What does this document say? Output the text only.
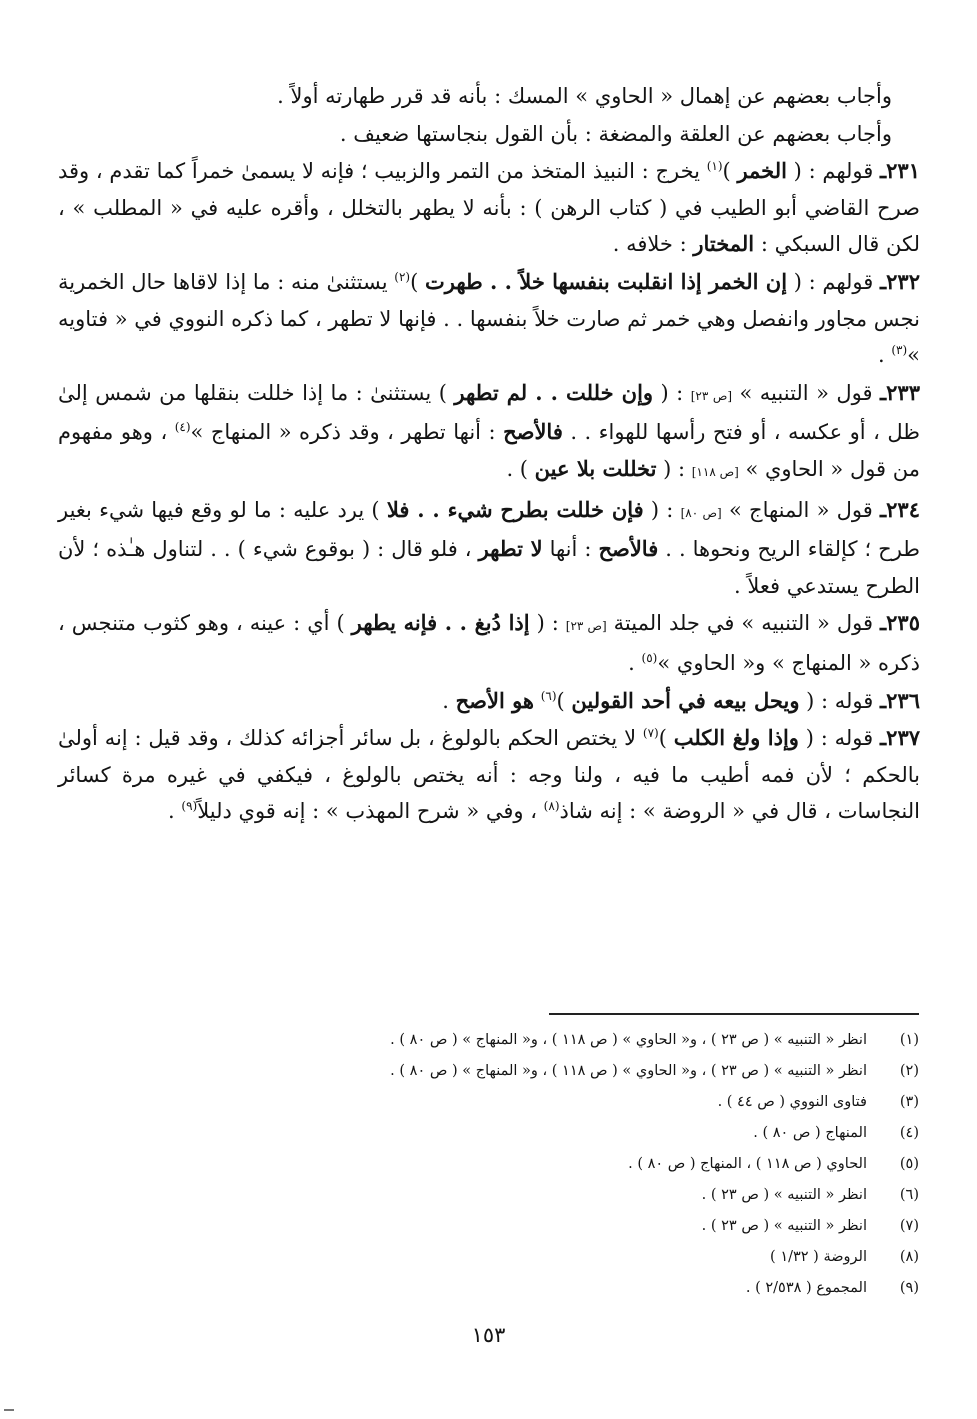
وأجاب بعضهم عن إهمال « الحاوي » المسك : بأنه قد قرر طهارته أولاً .

وأجاب بعضهم عن العلقة والمضغة : بأن القول بنجاستها ضعيف .

٢٣١ـ قولهم : ( الخمر )$^{(١)}$ يخرج : النبيذ المتخذ من التمر والزبيب ؛ فإنه لا يسمىٰ خمراً كما تقدم ، وقد صرح القاضي أبو الطيب في ( كتاب الرهن ) : بأنه لا يطهر بالتخلل ، وأقره عليه في « المطلب » ، لكن قال السبكي : المختار : خلافه .

٢٣٢ـ قولهم : ( إن الخمر إذا انقلبت بنفسها خلاً . . طهرت )$^{(٢)}$ يستثنىٰ منه : ما إذا لاقاها حال الخمرية نجس مجاور وانفصل وهي خمر ثم صارت خلاً بنفسها . . فإنها لا تطهر ، كما ذكره النووي في « فتاويه »$^{(٣)}$ .

٢٣٣ـ قول « التنبيه » [ص ٢٣] : ( وإن خللت . . لم تطهر ) يستثنىٰ : ما إذا خللت بنقلها من شمس إلىٰ ظل ، أو عكسه ، أو فتح رأسها للهواء . . فالأصح : أنها تطهر ، وقد ذكره « المنهاج »$^{(٤)}$ ، وهو مفهوم من قول « الحاوي » [ص ١١٨] : ( تخللت بلا عين ) .

٢٣٤ـ قول « المنهاج » [ص ٨٠] : ( فإن خللت بطرح شيء . . فلا ) يرد عليه : ما لو وقع فيها شيء بغير طرح ؛ كإلقاء الريح ونحوها . . فالأصح : أنها لا تطهر ، فلو قال : ( بوقوع شيء ) . . لتناول هـٰذه ؛ لأن الطرح يستدعي فعلاً .

٢٣٥ـ قول « التنبيه » في جلد الميتة [ص ٢٣] : ( إذا دُبغ . . فإنه يطهر ) أي : عينه ، وهو كثوب متنجس ، ذكره « المنهاج » و« الحاوي »$^{(٥)}$ .

٢٣٦ـ قوله : ( ويحل بيعه في أحد القولين )$^{(٦)}$ هو الأصح .

٢٣٧ـ قوله : ( وإذا ولغ الكلب )$^{(٧)}$ لا يختص الحكم بالولوغ ، بل سائر أجزائه كذلك ، وقد قيل : إنه أولىٰ بالحكم ؛ لأن فمه أطيب ما فيه ، ولنا وجه : أنه يختص بالولوغ ، فيكفي في غيره مرة كسائر النجاسات ، قال في « الروضة » : إنه شاذ$^{(٨)}$ ، وفي « شرح المهذب » : إنه قوي دليلاً$^{(٩)}$ .

(١)
انظر « التنبيه » ( ص ٢٣ ) ، و« الحاوي » ( ص ١١٨ ) ، و« المنهاج » ( ص ٨٠ ) .
(٢)
انظر « التنبيه » ( ص ٢٣ ) ، و« الحاوي » ( ص ١١٨ ) ، و« المنهاج » ( ص ٨٠ ) .
(٣)
فتاوى النووي ( ص ٤٤ ) .
(٤)
المنهاج ( ص ٨٠ ) .
(٥)
الحاوي ( ص ١١٨ ) ، المنهاج ( ص ٨٠ ) .
(٦)
انظر « التنبيه » ( ص ٢٣ ) .
(٧)
انظر « التنبيه » ( ص ٢٣ ) .
(٨)
الروضة ( ١/٣٢ )
(٩)
المجموع ( ٢/٥٣٨ ) .
١٥٣
